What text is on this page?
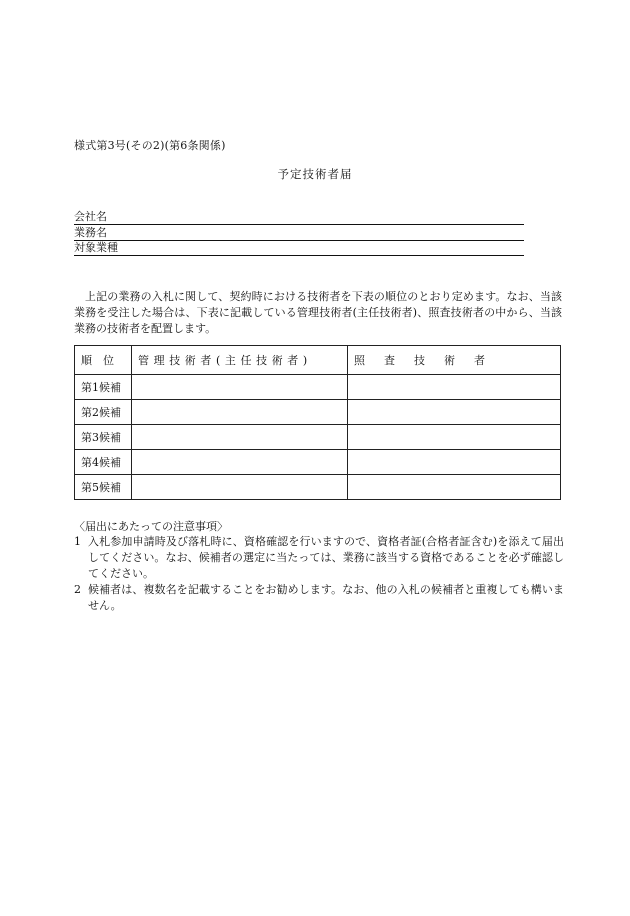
様式第3号(その2)(第6条関係)
予定技術者届
会社名
業務名
対象業種
上記の業務の入札に関して、契約時における技術者を下表の順位のとおり定めます。なお、当該業務を受注した場合は、下表に記載している管理技術者(主任技術者)、照査技術者の中から、当該業務の技術者を配置します。
順　位	管理技術者(主任技術者)	照　査　技　術　者
第1候補		
第2候補		
第3候補		
第4候補		
第5候補		
〈届出にあたっての注意事項〉
1 入札参加申請時及び落札時に、資格確認を行いますので、資格者証(合格者証含む)を添えて届出してください。なお、候補者の選定に当たっては、業務に該当する資格であることを必ず確認してください。
2 候補者は、複数名を記載することをお勧めします。なお、他の入札の候補者と重複しても構いません。
